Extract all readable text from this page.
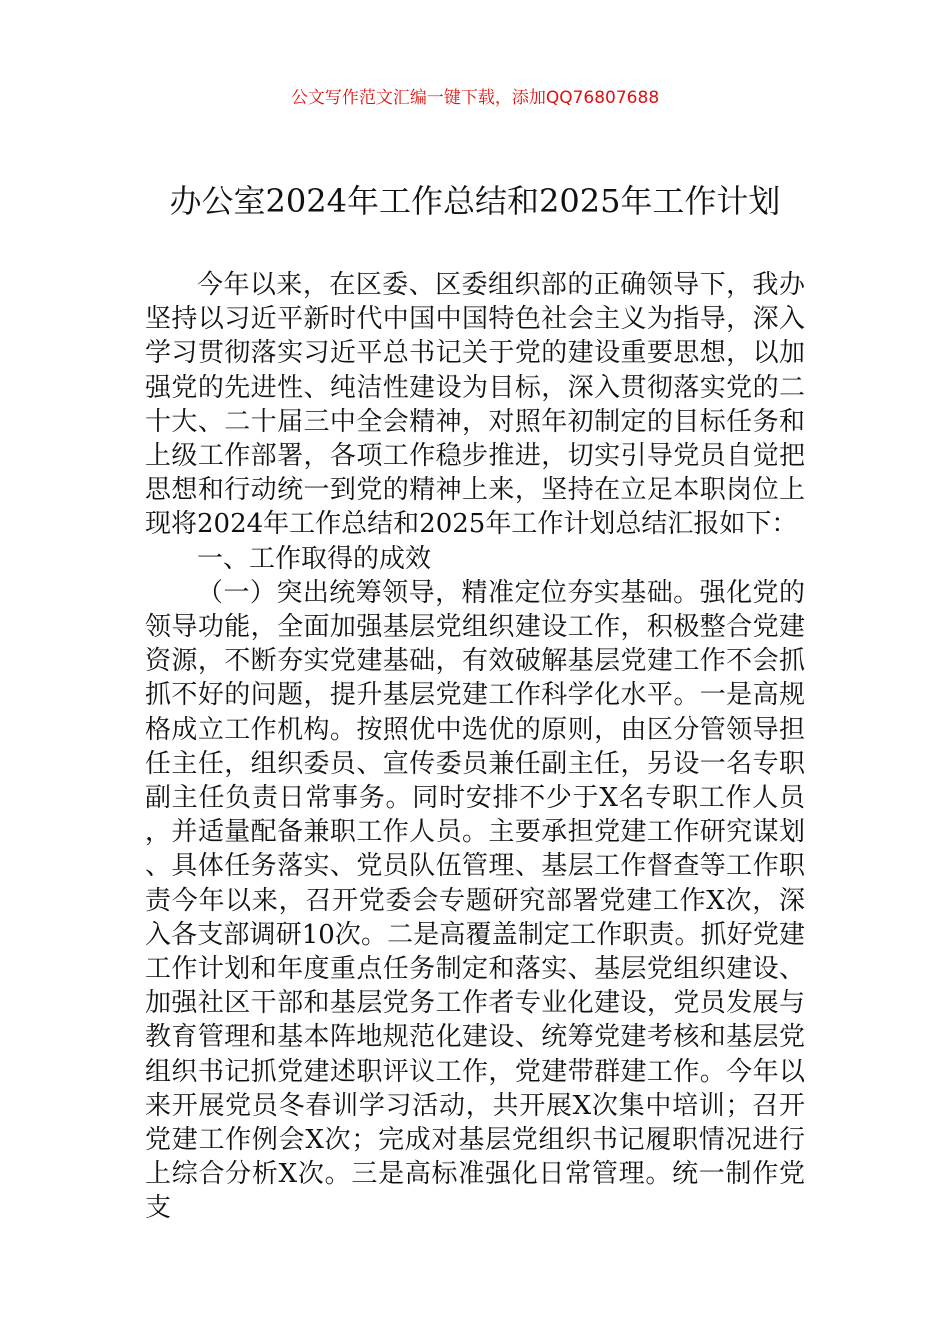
公文写作范文汇编一键下载，添加QQ76807688
办公室2024年工作总结和2025年工作计划

今年以来，在区委、区委组织部的正确领导下，我办坚持以习近平新时代中国中国特色社会主义为指导，深入学习贯彻落实习近平总书记关于党的建设重要思想，以加强党的先进性、纯洁性建设为目标，深入贯彻落实党的二十大、二十届三中全会精神，对照年初制定的目标任务和上级工作部署，各项工作稳步推进，切实引导党员自觉把思想和行动统一到党的精神上来，坚持在立足本职岗位上现将2024年工作总结和2025年工作计划总结汇报如下：

一、工作取得的成效

（一）突出统筹领导，精准定位夯实基础。强化党的领导功能，全面加强基层党组织建设工作，积极整合党建资源，不断夯实党建基础，有效破解基层党建工作不会抓抓不好的问题，提升基层党建工作科学化水平。一是高规格成立工作机构。按照优中选优的原则，由区分管领导担任主任，组织委员、宣传委员兼任副主任，另设一名专职副主任负责日常事务。同时安排不少于X名专职工作人员，并适量配备兼职工作人员。主要承担党建工作研究谋划、具体任务落实、党员队伍管理、基层工作督查等工作职责今年以来，召开党委会专题研究部署党建工作X次，深入各支部调研10次。二是高覆盖制定工作职责。抓好党建工作计划和年度重点任务制定和落实、基层党组织建设、加强社区干部和基层党务工作者专业化建设，党员发展与教育管理和基本阵地规范化建设、统筹党建考核和基层党组织书记抓党建述职评议工作，党建带群建工作。今年以来开展党员冬春训学习活动，共开展X次集中培训；召开党建工作例会X次；完成对基层党组织书记履职情况进行上综合分析X次。三是高标准强化日常管理。统一制作党支
